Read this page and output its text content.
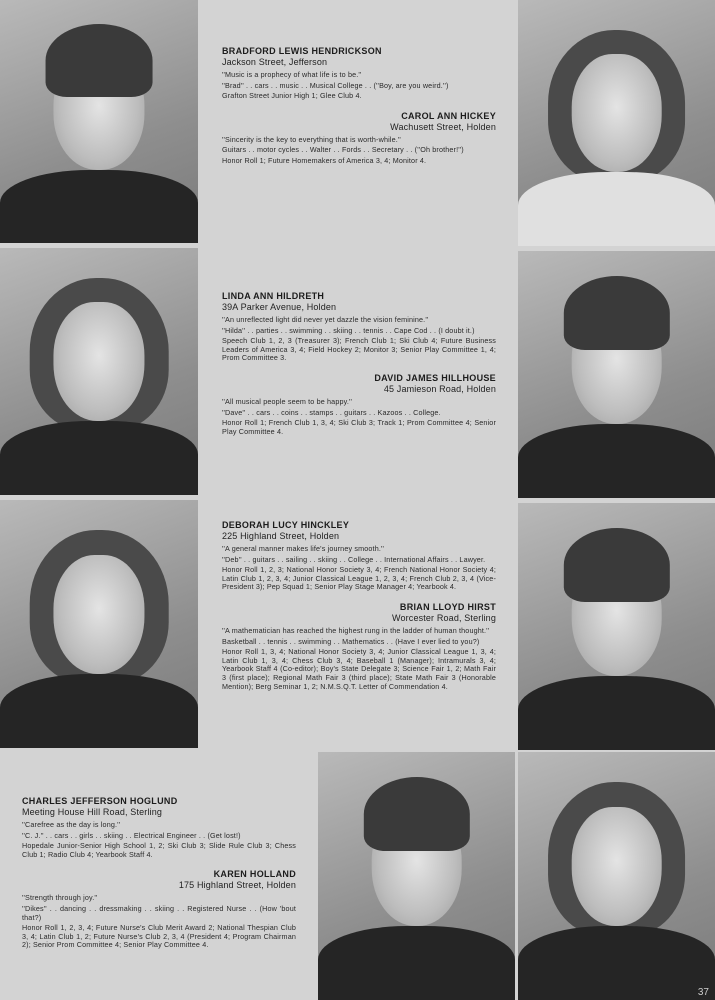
BRADFORD LEWIS HENDRICKSON
Jackson Street, Jefferson
''Music is a prophecy of what life is to be.''
''Brad'' . . cars . . music . . Musical College . . (''Boy, are you weird.'')
Grafton Street Junior High 1; Glee Club 4.
CAROL ANN HICKEY
Wachusett Street, Holden
''Sincerity is the key to everything that is worth-while.''
Guitars . . motor cycles . . Walter . . Fords . . Secretary . . (''Oh brother!'')
Honor Roll 1; Future Homemakers of America 3, 4; Monitor 4.
LINDA ANN HILDRETH
39A Parker Avenue, Holden
''An unreflected light did never yet dazzle the vision feminine.''
''Hilda'' . . parties . . swimming . . skiing . . tennis . . Cape Cod . . (I doubt it.)
Speech Club 1, 2, 3 (Treasurer 3); French Club 1; Ski Club 4; Future Business Leaders of America 3, 4; Field Hockey 2; Monitor 3; Senior Play Committee 1, 4; Prom Committee 3.
DAVID JAMES HILLHOUSE
45 Jamieson Road, Holden
''All musical people seem to be happy.''
''Dave'' . . cars . . coins . . stamps . . guitars . . Kazoos . . College.
Honor Roll 1; French Club 1, 3, 4; Ski Club 3; Track 1; Prom Committee 4; Senior Play Committee 4.
DEBORAH LUCY HINCKLEY
225 Highland Street, Holden
''A general manner makes life's journey smooth.''
''Deb'' . . guitars . . sailing . . skiing . . College . . International Affairs . . Lawyer.
Honor Roll 1, 2, 3; National Honor Society 3, 4; French National Honor Society 4; Latin Club 1, 2, 3, 4; Junior Classical League 1, 2, 3, 4; French Club 2, 3, 4 (Vice-President 3); Pep Squad 1; Senior Play Stage Manager 4; Yearbook 4.
BRIAN LLOYD HIRST
Worcester Road, Sterling
''A mathematician has reached the highest rung in the ladder of human thought.''
Basketball . . tennis . . swimming . . Mathematics . . (Have I ever lied to you?)
Honor Roll 1, 3, 4; National Honor Society 3, 4; Junior Classical League 1, 3, 4; Latin Club 1, 3, 4; Chess Club 3, 4; Baseball 1 (Manager); Intramurals 3, 4; Yearbook Staff 4 (Co-editor); Boy's State Delegate 3; Science Fair 1, 2; Math Fair 3 (first place); Regional Math Fair 3 (third place); State Math Fair 3 (Honorable Mention); Berg Seminar 1, 2; N.M.S.Q.T. Letter of Commendation 4.
CHARLES JEFFERSON HOGLUND
Meeting House Hill Road, Sterling
''Carefree as the day is long.''
''C. J.'' . . cars . . girls . . skiing . . Electrical Engineer . . (Get lost!)
Hopedale Junior-Senior High School 1, 2; Ski Club 3; Slide Rule Club 3; Chess Club 1; Radio Club 4; Yearbook Staff 4.
KAREN HOLLAND
175 Highland Street, Holden
''Strength through joy.''
''Dikes'' . . dancing . . dressmaking . . skiing . . Registered Nurse . . (How 'bout that?)
Honor Roll 1, 2, 3, 4; Future Nurse's Club Merit Award 2; National Thespian Club 3, 4; Latin Club 1, 2; Future Nurse's Club 2, 3, 4 (President 4; Program Chairman 2); Senior Prom Committee 4; Senior Play Committee 4.
37
